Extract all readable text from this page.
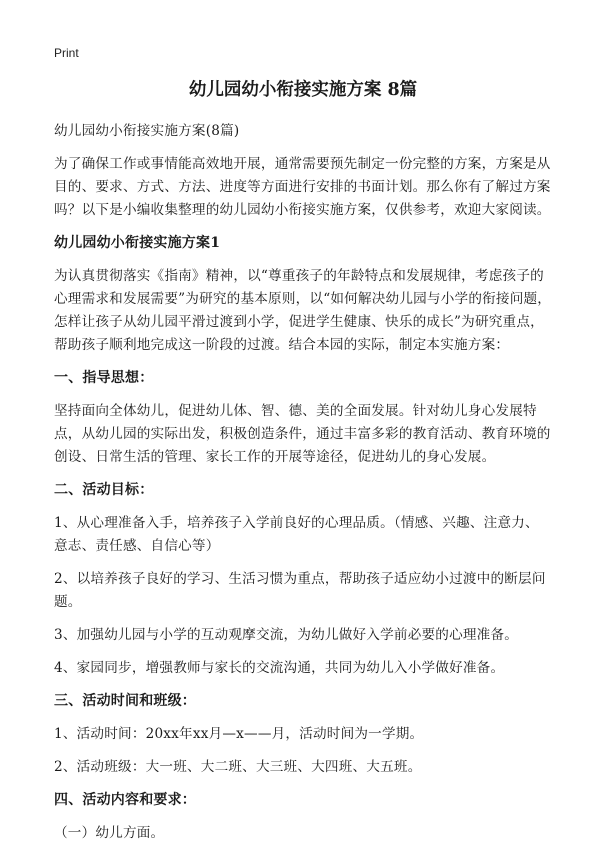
Print
幼儿园幼小衔接实施方案 8篇

幼儿园幼小衔接实施方案(8篇)

为了确保工作或事情能高效地开展，通常需要预先制定一份完整的方案，方案是从目的、要求、方式、方法、进度等方面进行安排的书面计划。那么你有了解过方案吗？以下是小编收集整理的幼儿园幼小衔接实施方案，仅供参考，欢迎大家阅读。

幼儿园幼小衔接实施方案1

为认真贯彻落实《指南》精神，以“尊重孩子的年龄特点和发展规律，考虑孩子的心理需求和发展需要”为研究的基本原则，以“如何解决幼儿园与小学的衔接问题，怎样让孩子从幼儿园平滑过渡到小学，促进学生健康、快乐的成长”为研究重点，帮助孩子顺利地完成这一阶段的过渡。结合本园的实际，制定本实施方案：

一、指导思想：

坚持面向全体幼儿，促进幼儿体、智、德、美的全面发展。针对幼儿身心发展特点，从幼儿园的实际出发，积极创造条件，通过丰富多彩的教育活动、教育环境的创设、日常生活的管理、家长工作的开展等途径，促进幼儿的身心发展。

二、活动目标：

1、从心理准备入手，培养孩子入学前良好的心理品质。（情感、兴趣、注意力、意志、责任感、自信心等）

2、以培养孩子良好的学习、生活习惯为重点，帮助孩子适应幼小过渡中的断层问题。

3、加强幼儿园与小学的互动观摩交流，为幼儿做好入学前必要的心理准备。

4、家园同步，增强教师与家长的交流沟通，共同为幼儿入小学做好准备。

三、活动时间和班级：

1、活动时间：20xx年xx月—x——月，活动时间为一学期。

2、活动班级：大一班、大二班、大三班、大四班、大五班。

四、活动内容和要求：

（一）幼儿方面。
